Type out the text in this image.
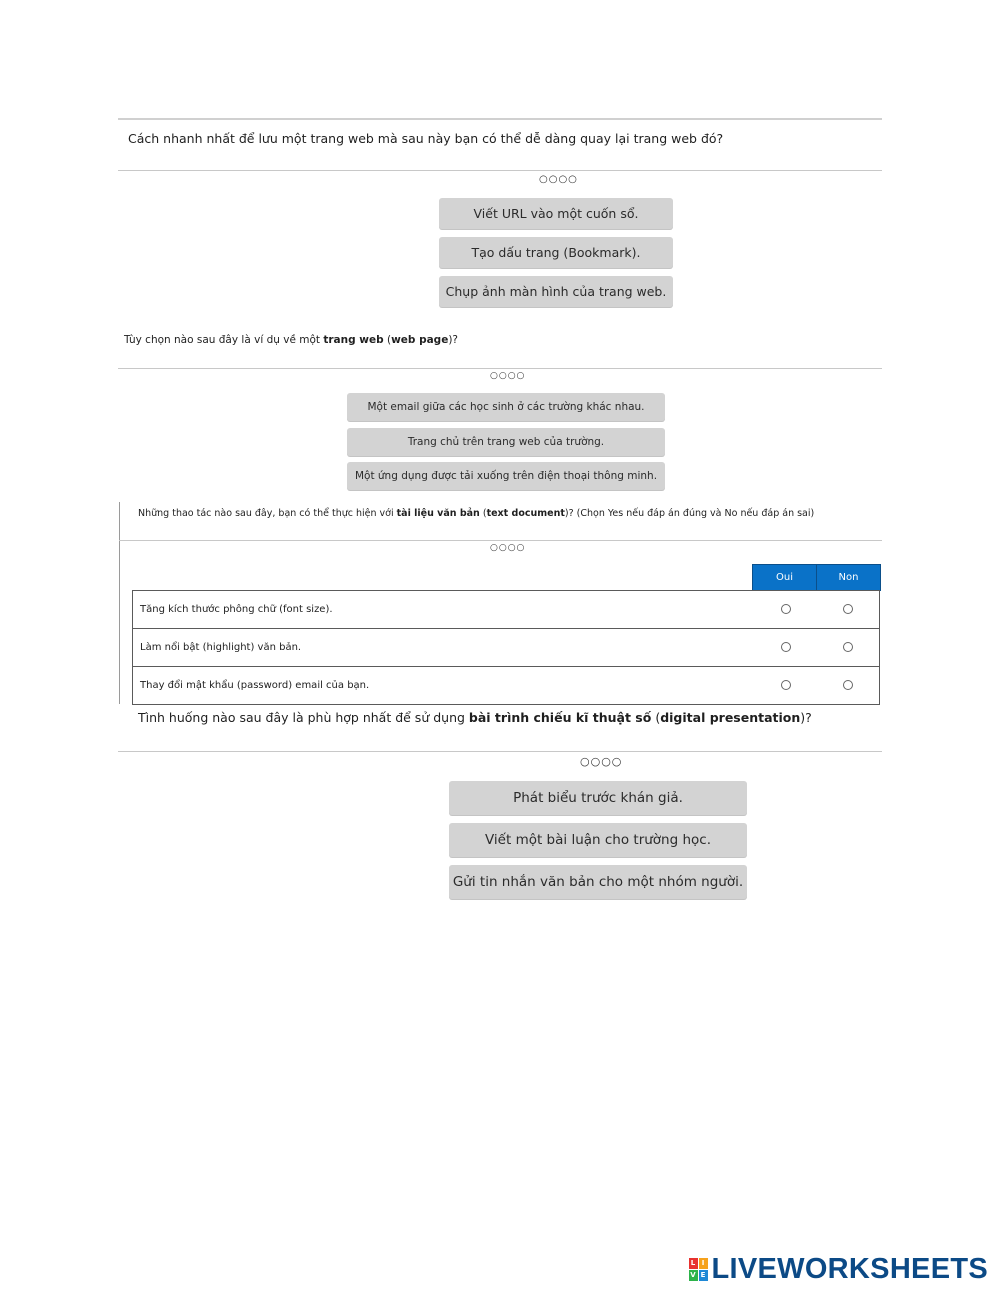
Cách nhanh nhất để lưu một trang web mà sau này bạn có thể dễ dàng quay lại trang web đó?
○○○○
Viết URL vào một cuốn sổ.
Tạo dấu trang (Bookmark).
Chụp ảnh màn hình của trang web.
Tùy chọn nào sau đây là ví dụ về một trang web (web page)?
○○○○
Một email giữa các học sinh ở các trường khác nhau.
Trang chủ trên trang web của trường.
Một ứng dụng được tải xuống trên điện thoại thông minh.
Những thao tác nào sau đây, bạn có thể thực hiện với tài liệu văn bản (text document)? (Chọn Yes nếu đáp án đúng và No nếu đáp án sai)
○○○○
Oui	Non
Tăng kích thước phông chữ (font size).		
Làm nổi bật (highlight) văn bản.		
Thay đổi mật khẩu (password) email của bạn.		
Tình huống nào sau đây là phù hợp nhất để sử dụng bài trình chiếu kĩ thuật số (digital presentation)?
○○○○
Phát biểu trước khán giả.
Viết một bài luận cho trường học.
Gửi tin nhắn văn bản cho một nhóm người.
L I
V E LIVEWORKSHEETS
